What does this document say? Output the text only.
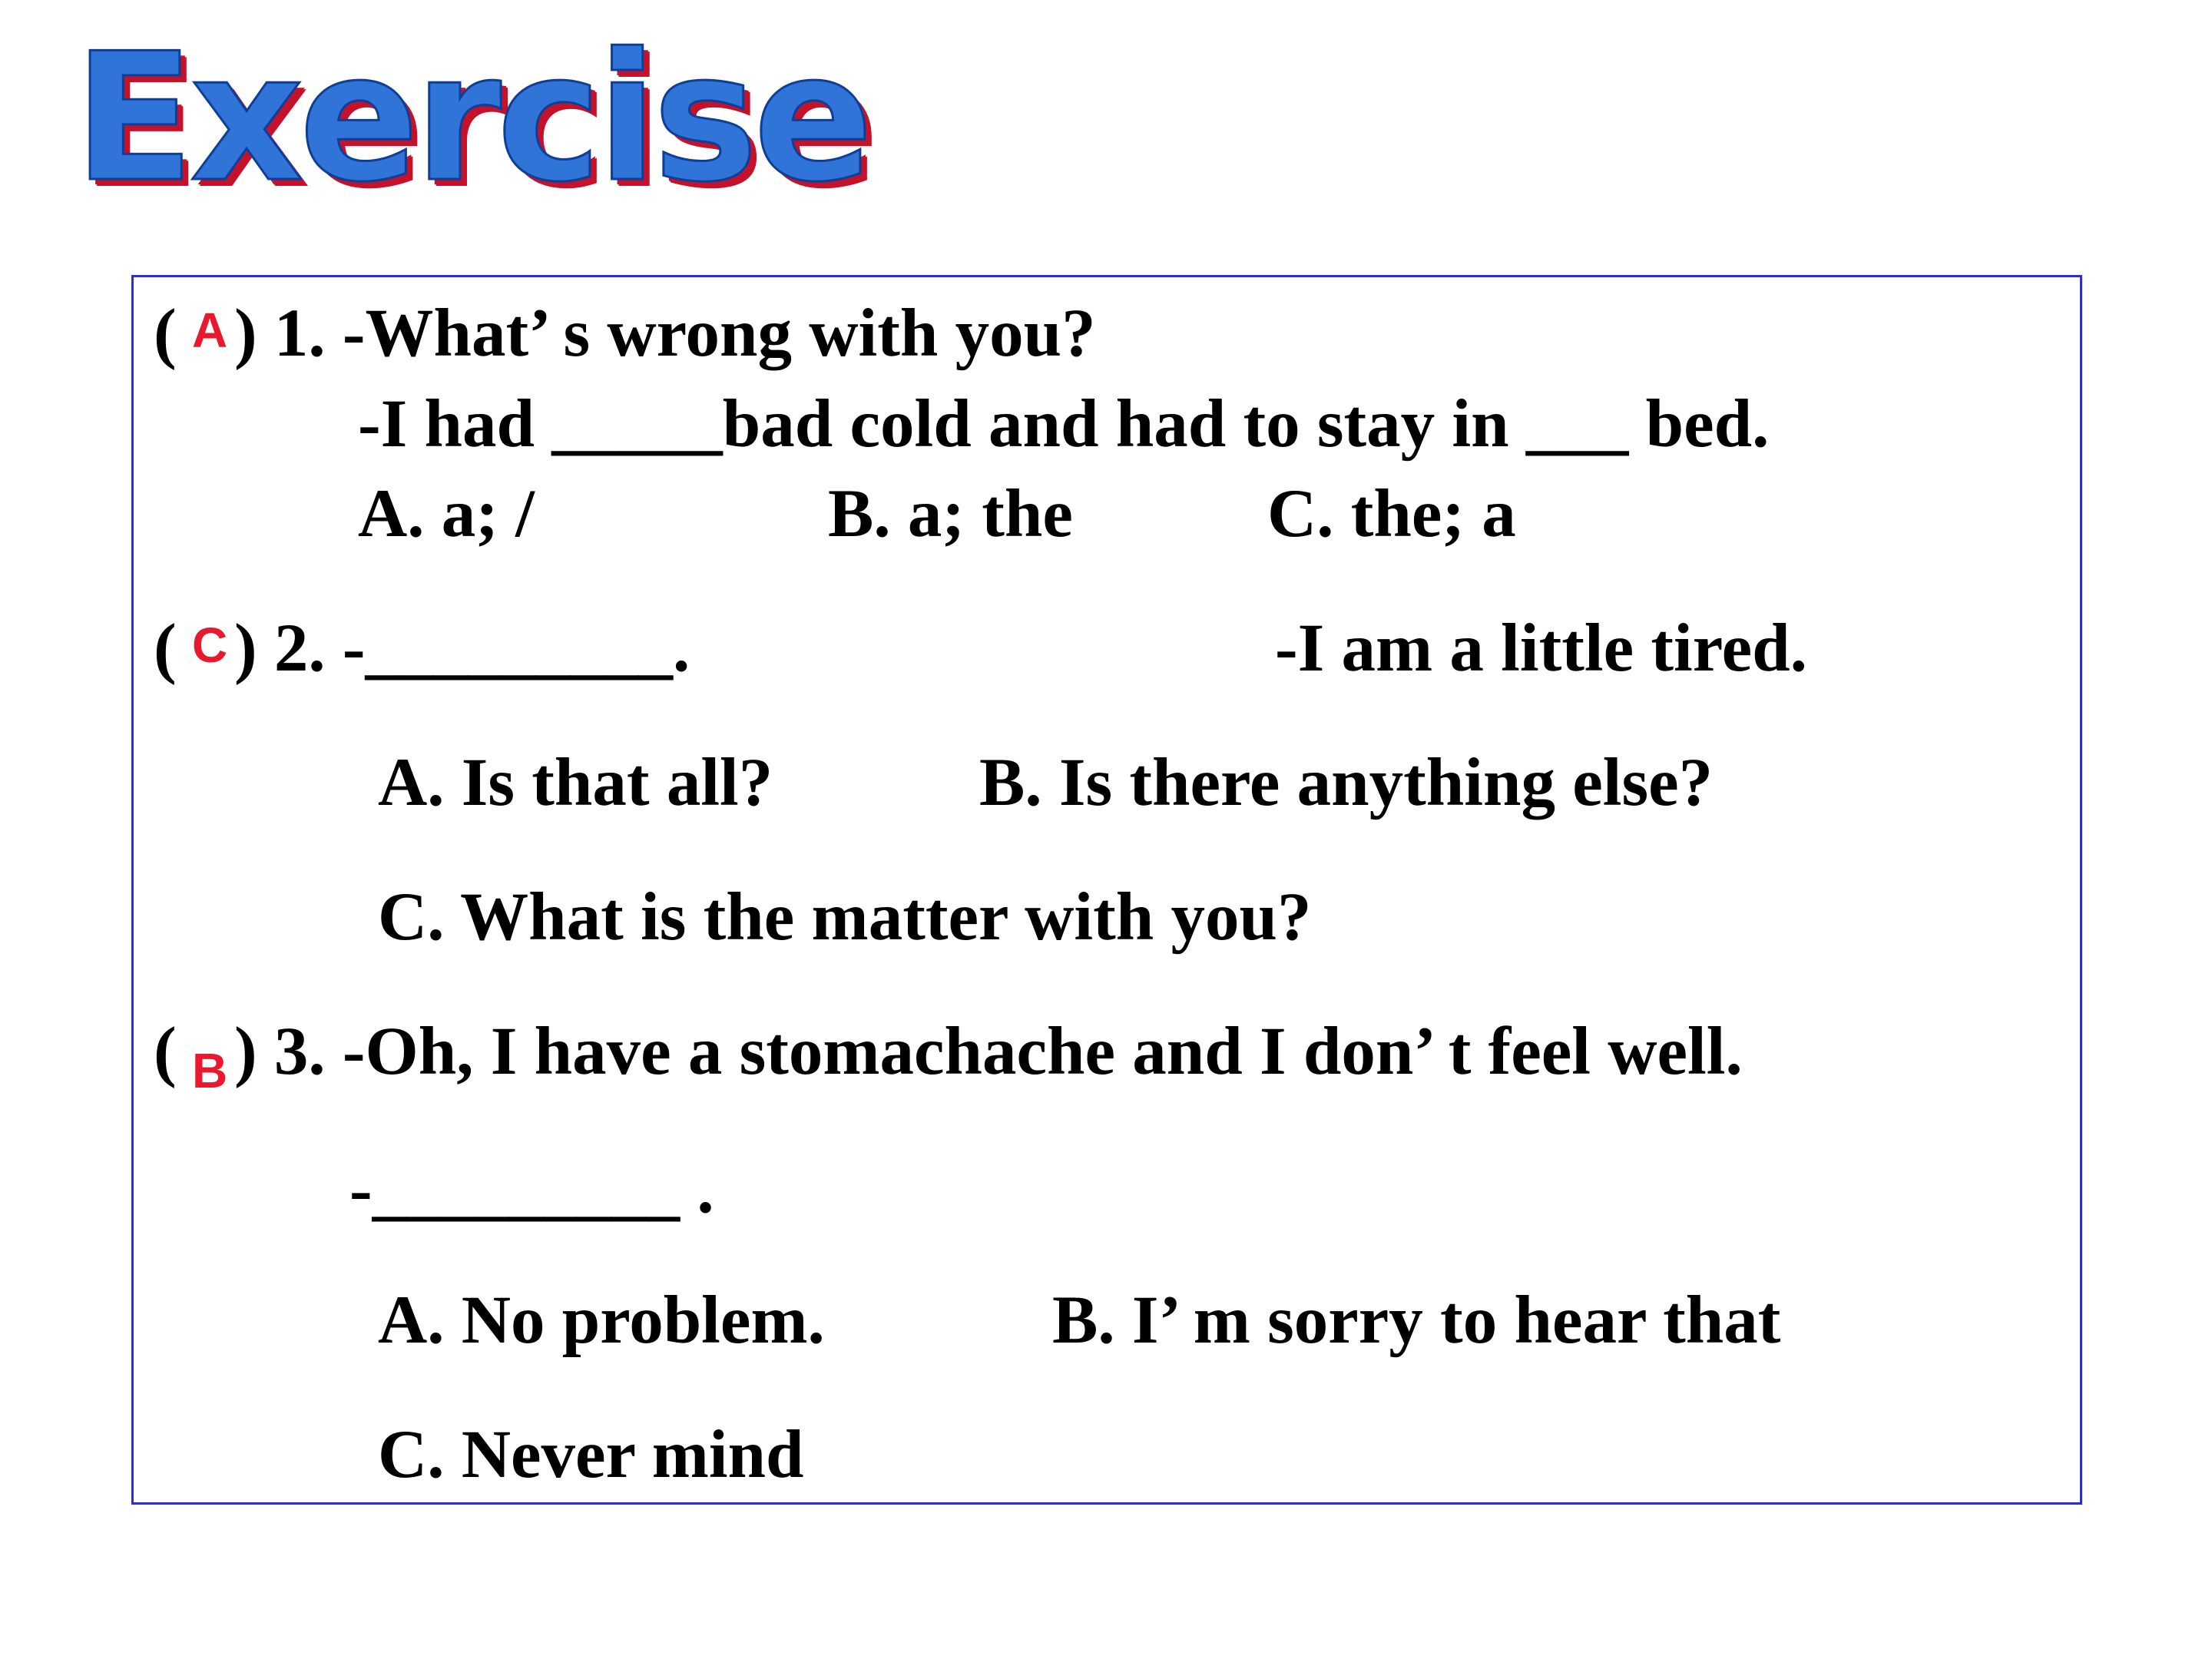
Exercise
( A ) 1. -What’ s wrong with you?
-I had _____bad cold and had to stay in ___ bed.
A. a; /	B. a; the	C. the; a
( C ) 2. -_________.	-I am a little tired.
A. Is that all?	B. Is there anything else?
C. What is the matter with you?
( B ) 3. -Oh, I have a stomachache and I don’ t feel well.
-_________ .
A. No problem.	B. I’ m sorry to hear that
C. Never mind
